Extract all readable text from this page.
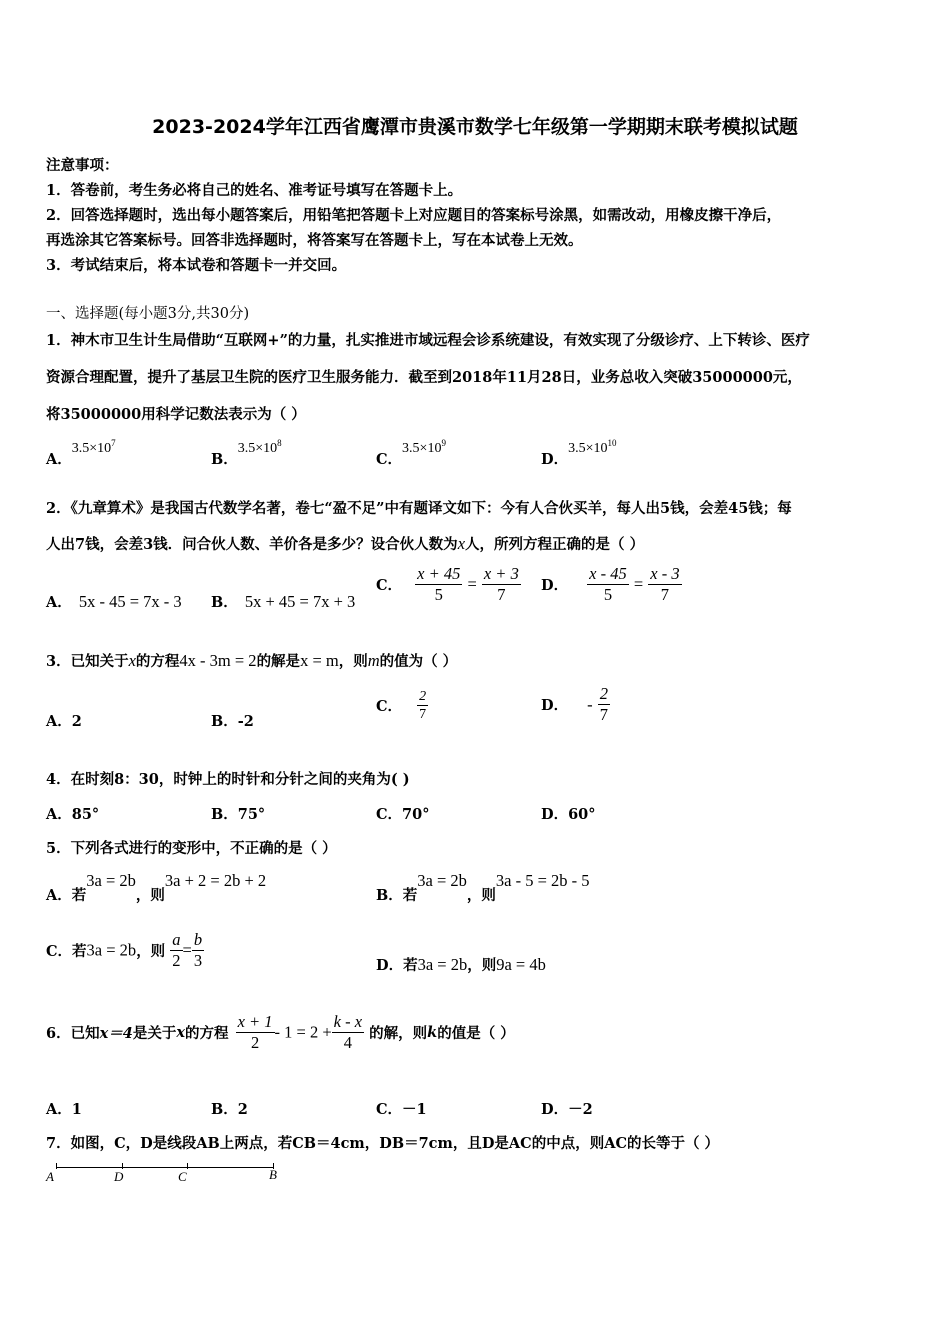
2023-2024学年江西省鹰潭市贵溪市数学七年级第一学期期末联考模拟试题
注意事项：
1．答卷前，考生务必将自己的姓名、准考证号填写在答题卡上。
2．回答选择题时，选出每小题答案后，用铅笔把答题卡上对应题目的答案标号涂黑，如需改动，用橡皮擦干净后，
再选涂其它答案标号。回答非选择题时，将答案写在答题卡上，写在本试卷上无效。
3．考试结束后，将本试卷和答题卡一并交回。
一、选择题(每小题3分,共30分)
1．神木市卫生计生局借助“互联网+”的力量，扎实推进市域远程会诊系统建设，有效实现了分级诊疗、上下转诊、医疗
资源合理配置，提升了基层卫生院的医疗卫生服务能力．截至到2018年11月28日，业务总收入突破35000000元，
将35000000用科学记数法表示为（ ）
A．$3.5\times 10^7$
B．$3.5\times 10^8$
C．$3.5\times 10^9$
D．$3.5\times 10^{10}$
2．《九章算术》是我国古代数学名著，卷七“盈不足”中有题译文如下：今有人合伙买羊，每人出5钱，会差45钱；每
人出7钱，会差3钱．问合伙人数、羊价各是多少？设合伙人数为x人，所列方程正确的是（ ）
A． 5x - 45 = 7x - 3 B． 5x + 45 = 7x + 3
C． $\frac{x + 45}{5} = \frac{x + 3}{7}$ D． $\frac{x - 45}{5} = \frac{x - 3}{7}$
3．已知关于x的方程4x - 3m = 2的解是x = m，则m的值为（ ）
A．2	B．-2
C． $\frac{2}{7}$	D． - $\frac{2}{7}$
4．在时刻8：30，时钟上的时针和分针之间的夹角为( )
A．85°	B．75°	C．70°	D．60°
5．下列各式进行的变形中，不正确的是（ ）
A．若3a = 2b，则3a + 2 = 2b + 2
B．若3a = 2b，则3a - 5 = 2b - 5
C．若3a = 2b，则 $\frac{a}{2} = \frac{b}{3}$	D．若3a = 2b，则9a = 4b
6．已知x＝4是关于x的方程 $\frac{x + 1}{2} - 1 = 2 + \frac{k - x}{4}$ 的解，则k的值是（ ）
A．1	B．2	C．－1	D．－2
7．如图，C，D是线段AB上两点，若CB＝4cm，DB＝7cm，且D是AC的中点，则AC的长等于（ ）
A	D	C	B
